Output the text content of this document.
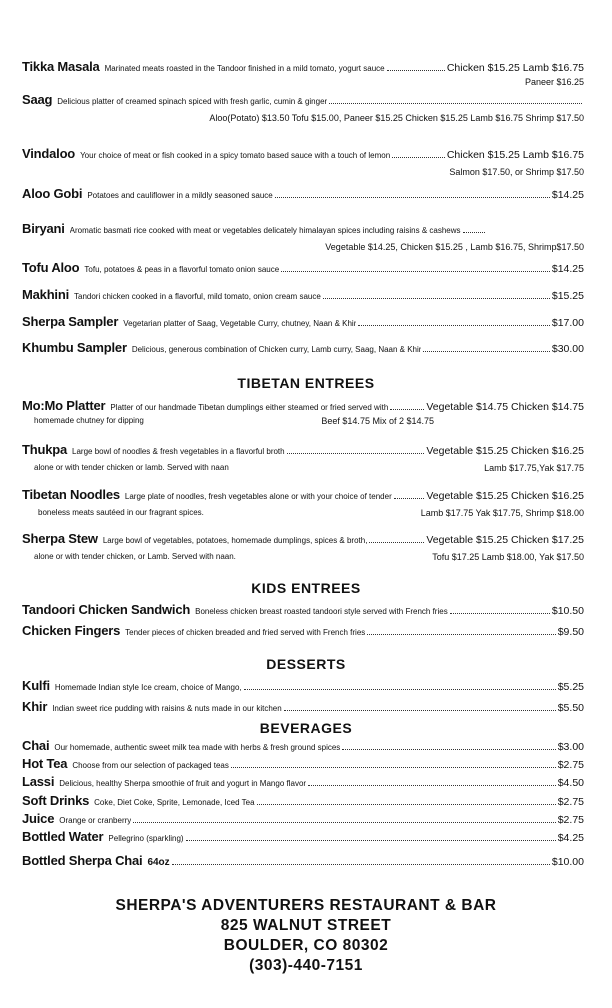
Tikka Masala Marinated meats roasted in the Tandoor finished in a mild tomato, yogurt sauce	Chicken $15.25 Lamb $16.75
Paneer $16.25
Saag Delicious platter of creamed spinach spiced with fresh garlic, cumin & ginger
Aloo(Potato) $13.50 Tofu $15.00, Paneer $15.25 Chicken $15.25 Lamb $16.75 Shrimp $17.50
Vindaloo Your choice of meat or fish cooked in a spicy tomato based sauce with a touch of lemon	Chicken $15.25 Lamb $16.75
Salmon $17.50, or Shrimp $17.50
Aloo Gobi Potatoes and cauliflower in a mildly seasoned sauce	$14.25
Biryani Aromatic basmati rice cooked with meat or vegetables delicately himalayan spices including raisins & cashews
Vegetable $14.25, Chicken $15.25 , Lamb $16.75, Shrimp$17.50
Tofu Aloo Tofu, potatoes & peas in a flavorful tomato onion sauce	$14.25
Makhini Tandori chicken cooked in a flavorful, mild tomato, onion cream sauce	$15.25
Sherpa Sampler Vegetarian platter of Saag, Vegetable Curry, chutney, Naan & Khir	$17.00
Khumbu Sampler Delicious, generous combination of Chicken curry, Lamb curry, Saag, Naan & Khir	$30.00
TIBETAN ENTREES
Mo:Mo Platter Platter of our handmade Tibetan dumplings either steamed or fried served with	Vegetable $14.75 Chicken $14.75
homemade chutney for dipping	Beef $14.75 Mix of 2 $14.75
Thukpa Large bowl of noodles & fresh vegetables in a flavorful broth	Vegetable $15.25 Chicken $16.25
alone or with tender chicken or lamb. Served with naan	Lamb $17.75,Yak $17.75
Tibetan Noodles Large plate of noodles, fresh vegetables alone or with your choice of tender	Vegetable $15.25 Chicken $16.25
boneless meats sautéed in our fragrant spices.	Lamb $17.75 Yak $17.75, Shrimp $18.00
Sherpa Stew Large bowl of vegetables, potatoes, homemade dumplings, spices & broth,	Vegetable $15.25 Chicken $17.25
alone or with tender chicken, or Lamb. Served with naan.	Tofu $17.25 Lamb $18.00, Yak $17.50
KIDS ENTREES
Tandoori Chicken Sandwich Boneless chicken breast roasted tandoori style served with French fries	$10.50
Chicken Fingers Tender pieces of chicken breaded and fried served with French fries	$9.50
DESSERTS
Kulfi Homemade Indian style Ice cream, choice of Mango,	$5.25
Khir Indian sweet rice pudding with raisins & nuts made in our kitchen	$5.50
BEVERAGES
Chai Our homemade, authentic sweet milk tea made with herbs & fresh ground spices	$3.00
Hot Tea Choose from our selection of packaged teas	$2.75
Lassi Delicious, healthy Sherpa smoothie of fruit and yogurt in Mango flavor	$4.50
Soft Drinks Coke, Diet Coke, Sprite, Lemonade, Iced Tea	$2.75
Juice Orange or cranberry	$2.75
Bottled Water Pellegrino (sparkling)	$4.25
Bottled Sherpa Chai 64oz	$10.00
SHERPA'S ADVENTURERS RESTAURANT & BAR
825 WALNUT STREET
BOULDER, CO 80302
(303)-440-7151
